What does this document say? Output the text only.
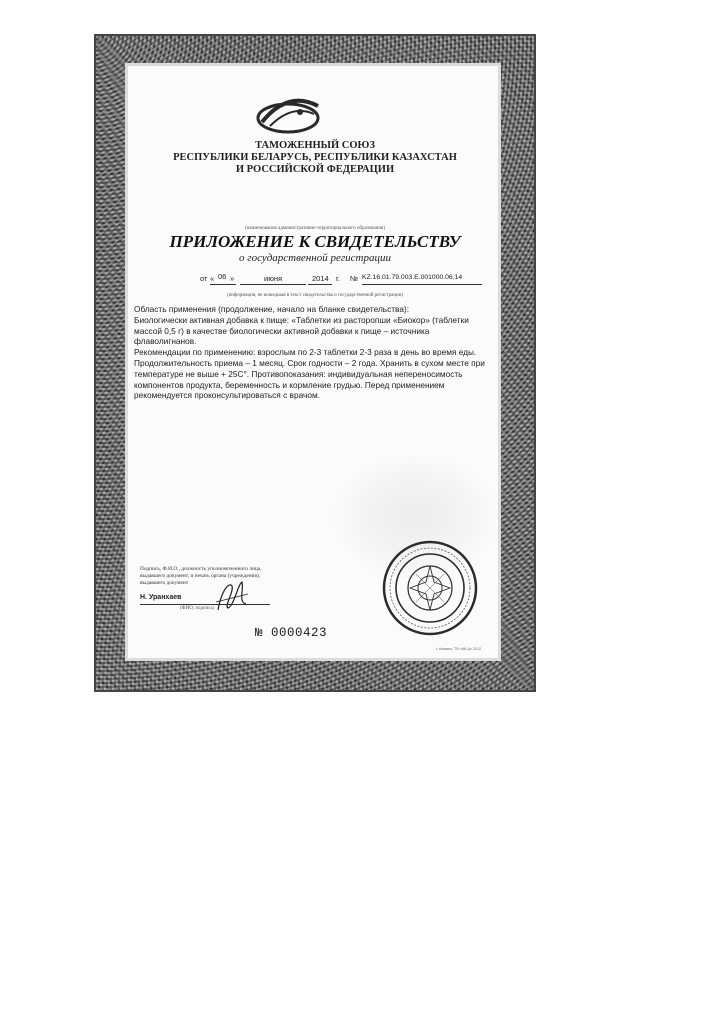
ТАМОЖЕННЫЙ СОЮЗ
РЕСПУБЛИКИ БЕЛАРУСЬ, РЕСПУБЛИКИ КАЗАХСТАН
И РОССИЙСКОЙ ФЕДЕРАЦИИ
(наименование административно-территориального образования)
ПРИЛОЖЕНИЕ К СВИДЕТЕЛЬСТВУ
о государственной регистрации
от « 06 »	июня	2014 г. № KZ.16.01.79.003.E.001000.06.14
(информация, не вошедшая в текст свидетельства о государственной регистрации)

Область применения (продолжение, начало на бланке свидетельства):

Биологически активная добавка к пище: «Таблетки из расторопши «Биокор» (таблетки

массой 0,5 г) в качестве биологически активной добавки к пище – источника

флаволигнанов.

Рекомендации по применению: взрослым по 2-3 таблетки 2-3 раза в день во время еды.

Продолжительность приема – 1 месяц. Срок годности – 2 года. Хранить в сухом месте при

температуре не выше + 25С°. Противопоказания: индивидуальная непереносимость

компонентов продукта, беременность и кормление грудью. Перед применением

рекомендуется проконсультироваться с врачом.

Подпись, Ф.И.О., должность уполномоченного лица,
выдавшего документ, и печать органа (учреждения),
выдавшего документ
Н. Уранхаев
(ФИО, подпись)
№ 0000423
г. Алматы, ТФ «АК-Ц» 2012
